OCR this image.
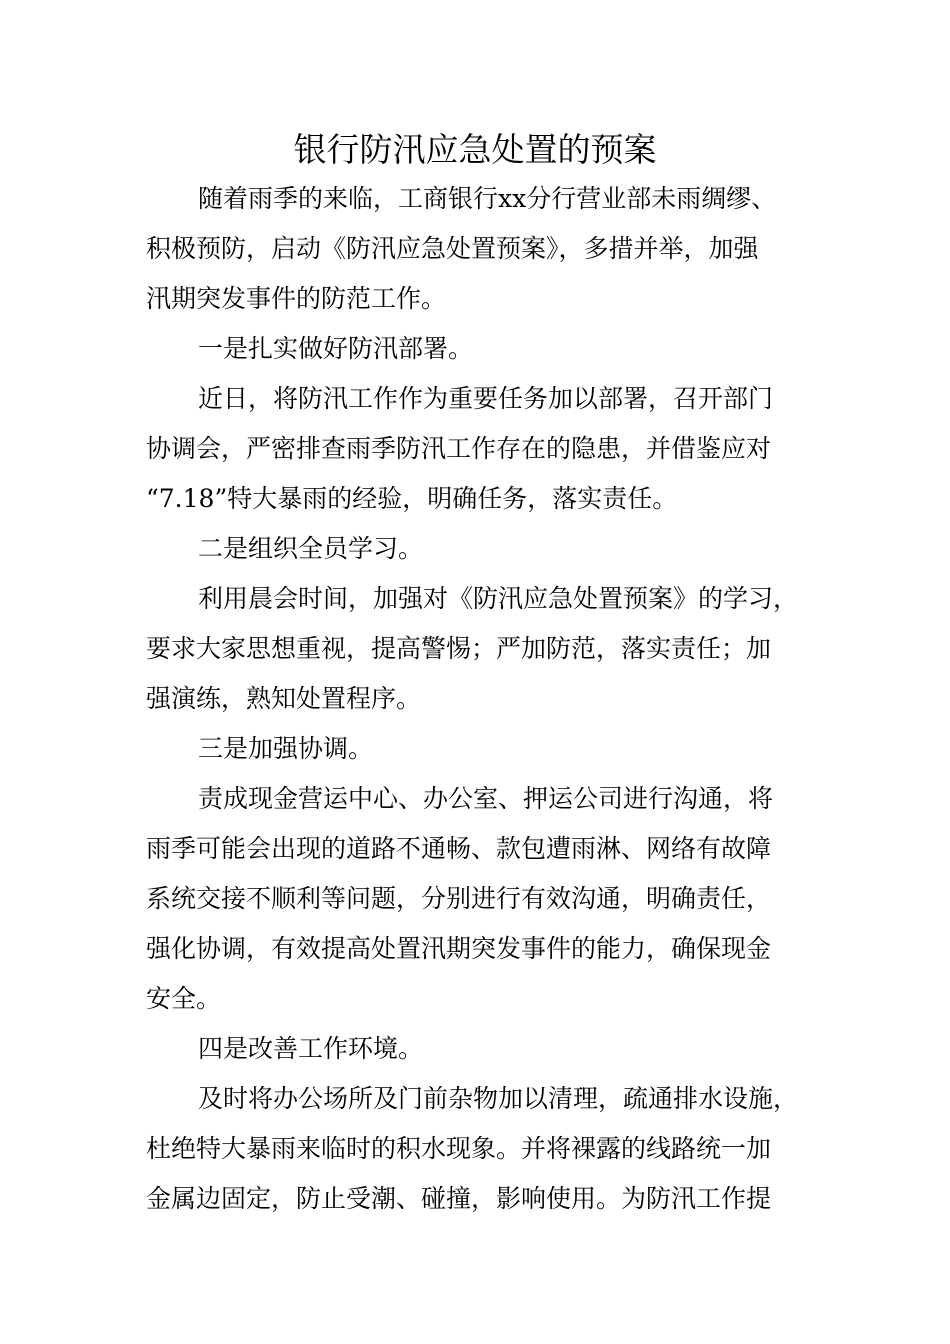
银行防汛应急处置的预案

随着雨季的来临，工商银行xx分行营业部未雨绸缪、
积极预防，启动《防汛应急处置预案》，多措并举，加强
汛期突发事件的防范工作。

一是扎实做好防汛部署。

近日，将防汛工作作为重要任务加以部署，召开部门
协调会，严密排查雨季防汛工作存在的隐患，并借鉴应对
“7.18”特大暴雨的经验，明确任务，落实责任。

二是组织全员学习。

利用晨会时间，加强对《防汛应急处置预案》的学习，
要求大家思想重视，提高警惕；严加防范，落实责任；加
强演练，熟知处置程序。

三是加强协调。

责成现金营运中心、办公室、押运公司进行沟通，将
雨季可能会出现的道路不通畅、款包遭雨淋、网络有故障
系统交接不顺利等问题，分别进行有效沟通，明确责任，
强化协调，有效提高处置汛期突发事件的能力，确保现金
安全。

四是改善工作环境。

及时将办公场所及门前杂物加以清理，疏通排水设施，
杜绝特大暴雨来临时的积水现象。并将裸露的线路统一加
金属边固定，防止受潮、碰撞，影响使用。为防汛工作提
